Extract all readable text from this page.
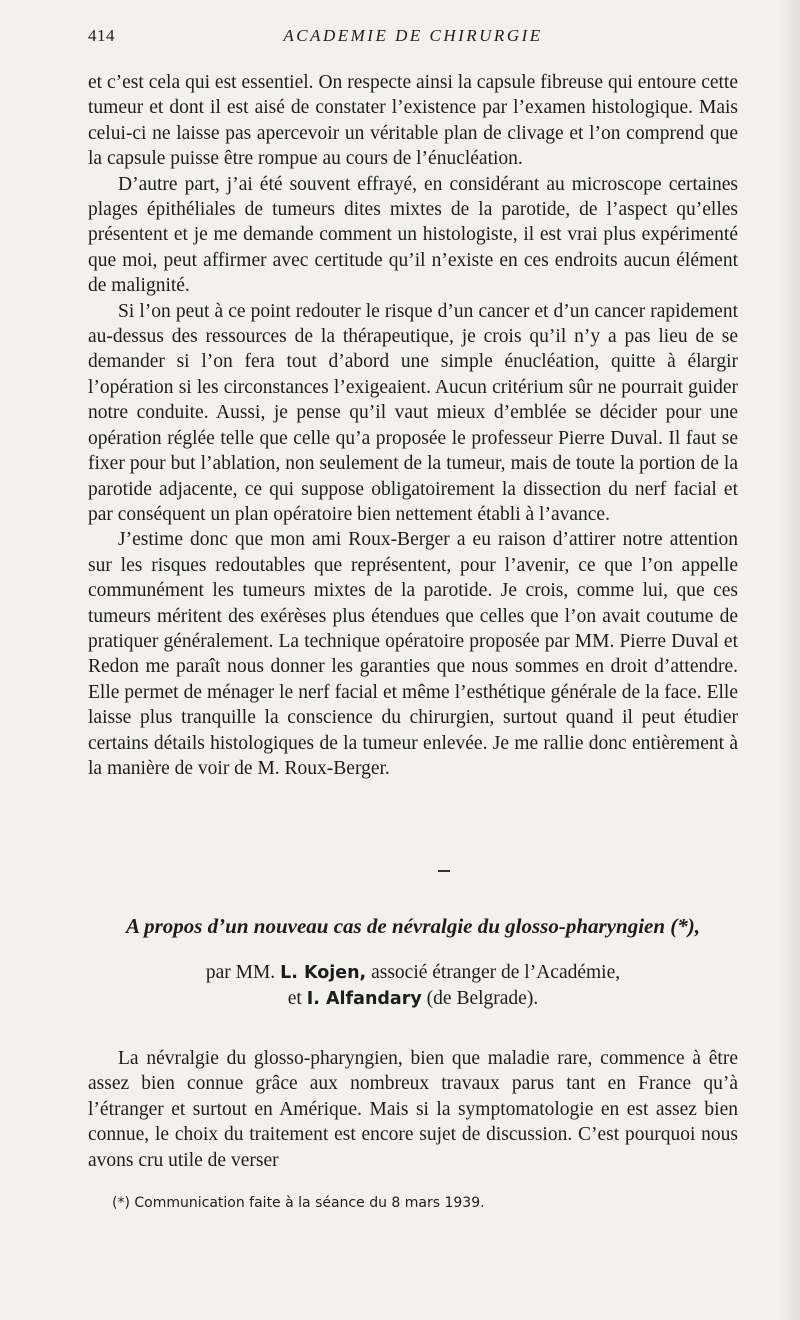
414	ACADEMIE DE CHIRURGIE

et c’est cela qui est essentiel. On respecte ainsi la capsule fibreuse qui entoure cette tumeur et dont il est aisé de constater l’existence par l’examen histologique. Mais celui-ci ne laisse pas apercevoir un véritable plan de clivage et l’on comprend que la capsule puisse être rompue au cours de l’énucléation.

D’autre part, j’ai été souvent effrayé, en considérant au microscope certaines plages épithéliales de tumeurs dites mixtes de la parotide, de l’aspect qu’elles présentent et je me demande comment un histologiste, il est vrai plus expérimenté que moi, peut affirmer avec certitude qu’il n’existe en ces endroits aucun élément de malignité.

Si l’on peut à ce point redouter le risque d’un cancer et d’un cancer rapidement au-dessus des ressources de la thérapeutique, je crois qu’il n’y a pas lieu de se demander si l’on fera tout d’abord une simple énucléation, quitte à élargir l’opération si les circonstances l’exigeaient. Aucun critérium sûr ne pourrait guider notre conduite. Aussi, je pense qu’il vaut mieux d’emblée se décider pour une opération réglée telle que celle qu’a proposée le professeur Pierre Duval. Il faut se fixer pour but l’ablation, non seulement de la tumeur, mais de toute la portion de la parotide adjacente, ce qui suppose obligatoirement la dissection du nerf facial et par conséquent un plan opératoire bien nettement établi à l’avance.

J’estime donc que mon ami Roux-Berger a eu raison d’attirer notre attention sur les risques redoutables que représentent, pour l’avenir, ce que l’on appelle communément les tumeurs mixtes de la parotide. Je crois, comme lui, que ces tumeurs méritent des exérèses plus étendues que celles que l’on avait coutume de pratiquer généralement. La technique opératoire proposée par MM. Pierre Duval et Redon me paraît nous donner les garanties que nous sommes en droit d’attendre. Elle permet de ménager le nerf facial et même l’esthétique générale de la face. Elle laisse plus tranquille la conscience du chirurgien, surtout quand il peut étudier certains détails histologiques de la tumeur enlevée. Je me rallie donc entièrement à la manière de voir de M. Roux-Berger.

A propos d’un nouveau cas de névralgie du glosso-pharyngien (*),
par MM. L. Kojen, associé étranger de l’Académie,
et I. Alfandary (de Belgrade).

La névralgie du glosso-pharyngien, bien que maladie rare, commence à être assez bien connue grâce aux nombreux travaux parus tant en France qu’à l’étranger et surtout en Amérique. Mais si la symptomatologie en est assez bien connue, le choix du traitement est encore sujet de discussion. C’est pourquoi nous avons cru utile de verser

(*) Communication faite à la séance du 8 mars 1939.
